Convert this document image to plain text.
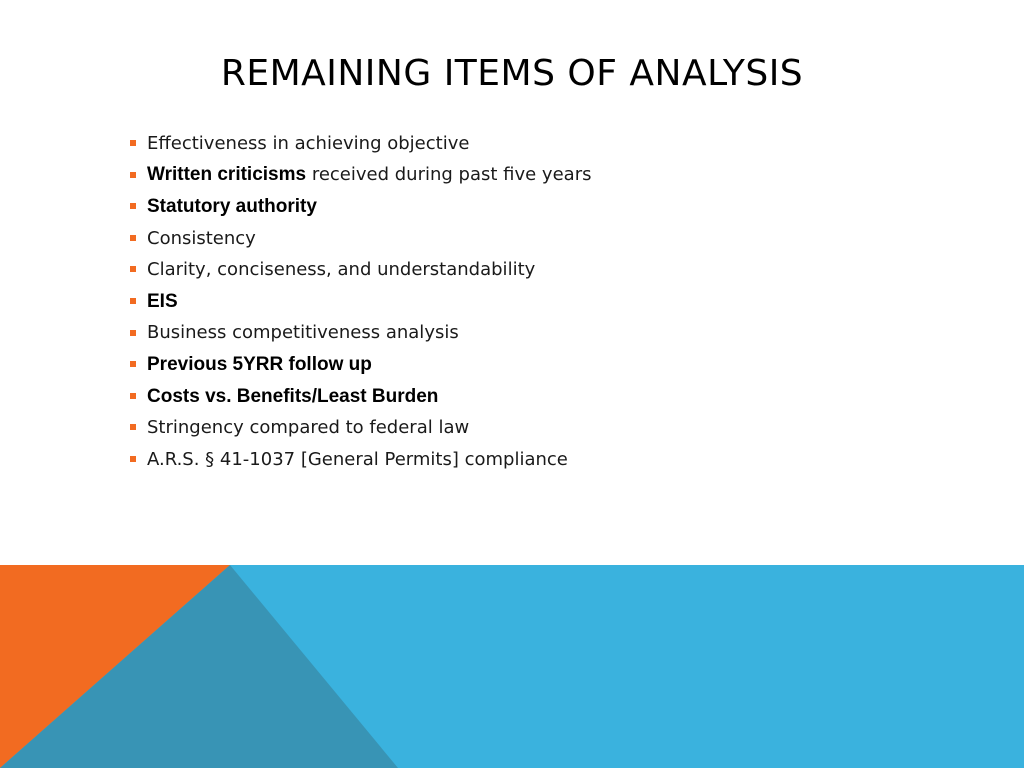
REMAINING ITEMS OF ANALYSIS
Effectiveness in achieving objective
Written criticisms received during past five years
Statutory authority
Consistency
Clarity, conciseness, and understandability
EIS
Business competitiveness analysis
Previous 5YRR follow up
Costs vs. Benefits/Least Burden
Stringency compared to federal law
A.R.S. § 41-1037 [General Permits] compliance
